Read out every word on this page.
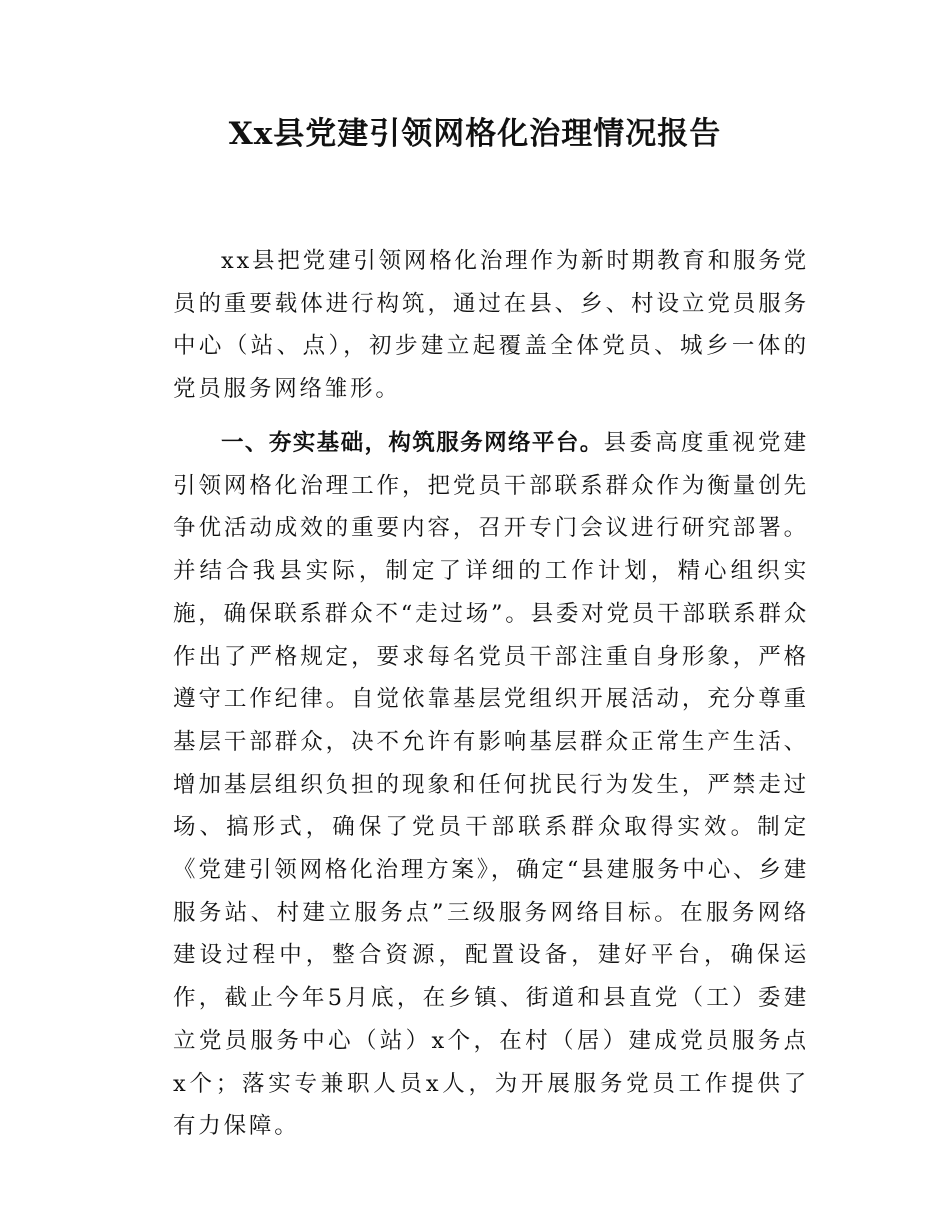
Xx县党建引领网格化治理情况报告

xx县把党建引领网格化治理作为新时期教育和服务党员的重要载体进行构筑，通过在县、乡、村设立党员服务中心（站、点），初步建立起覆盖全体党员、城乡一体的党员服务网络雏形。

一、夯实基础，构筑服务网络平台。县委高度重视党建引领网格化治理工作，把党员干部联系群众作为衡量创先争优活动成效的重要内容，召开专门会议进行研究部署。并结合我县实际，制定了详细的工作计划，精心组织实施，确保联系群众不“走过场”。县委对党员干部联系群众作出了严格规定，要求每名党员干部注重自身形象，严格遵守工作纪律。自觉依靠基层党组织开展活动，充分尊重基层干部群众，决不允许有影响基层群众正常生产生活、增加基层组织负担的现象和任何扰民行为发生，严禁走过场、搞形式，确保了党员干部联系群众取得实效。制定《党建引领网格化治理方案》，确定“县建服务中心、乡建服务站、村建立服务点”三级服务网络目标。在服务网络建设过程中，整合资源，配置设备，建好平台，确保运作，截止今年5月底，在乡镇、街道和县直党（工）委建立党员服务中心（站）x个，在村（居）建成党员服务点x个；落实专兼职人员x人，为开展服务党员工作提供了有力保障。
